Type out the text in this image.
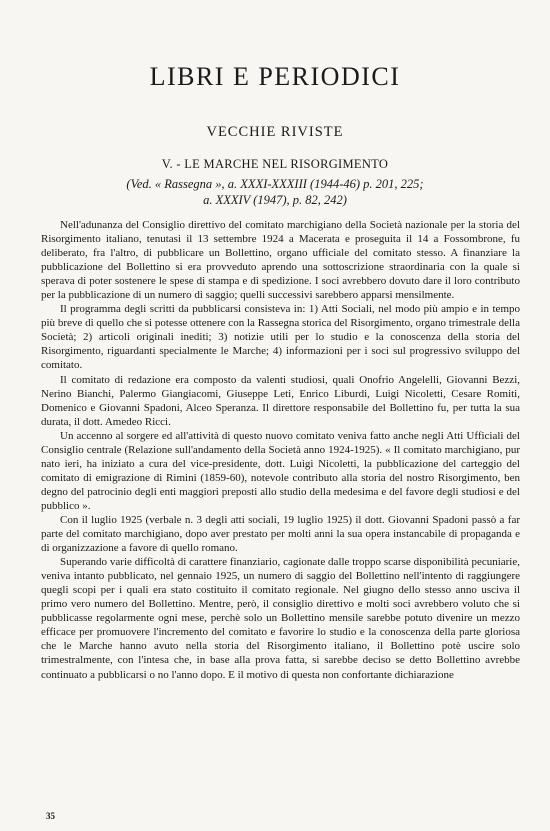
LIBRI E PERIODICI
VECCHIE RIVISTE
V. - LE MARCHE NEL RISORGIMENTO
(Ved. « Rassegna », a. XXXI-XXXIII (1944-46) p. 201, 225;
a. XXXIV (1947), p. 82, 242)

Nell'adunanza del Consiglio direttivo del comitato marchigiano della Società nazionale per la storia del Risorgimento italiano, tenutasi il 13 settembre 1924 a Macerata e proseguita il 14 a Fossombrone, fu deliberato, fra l'altro, di pubblicare un Bollettino, organo ufficiale del comitato stesso. A finanziare la pubblicazione del Bollettino si era provveduto aprendo una sottoscrizione straordinaria con la quale si sperava di poter sostenere le spese di stampa e di spedizione. I soci avrebbero dovuto dare il loro contributo per la pubblicazione di un numero di saggio; quelli successivi sarebbero apparsi mensilmente.

Il programma degli scritti da pubblicarsi consisteva in: 1) Atti Sociali, nel modo più ampio e in tempo più breve di quello che si potesse ottenere con la Rassegna storica del Risorgimento, organo trimestrale della Società; 2) articoli originali inediti; 3) notizie utili per lo studio e la conoscenza della storia del Risorgimento, riguardanti specialmente le Marche; 4) informazioni per i soci sul progressivo sviluppo del comitato.

Il comitato di redazione era composto da valenti studiosi, quali Onofrio Angelelli, Giovanni Bezzi, Nerino Bianchi, Palermo Giangiacomi, Giuseppe Leti, Enrico Liburdi, Luigi Nicoletti, Cesare Romiti, Domenico e Giovanni Spadoni, Alceo Speranza. Il direttore responsabile del Bollettino fu, per tutta la sua durata, il dott. Amedeo Ricci.

Un accenno al sorgere ed all'attività di questo nuovo comitato veniva fatto anche negli Atti Ufficiali del Consiglio centrale (Relazione sull'andamento della Società anno 1924-1925). « Il comitato marchigiano, pur nato ieri, ha iniziato a cura del vice-presidente, dott. Luigi Nicoletti, la pubblicazione del carteggio del comitato di emigrazione di Rimini (1859-60), notevole contributo alla storia del nostro Risorgimento, ben degno del patrocinio degli enti maggiori preposti allo studio della medesima e del favore degli studiosi e del pubblico ».

Con il luglio 1925 (verbale n. 3 degli atti sociali, 19 luglio 1925) il dott. Giovanni Spadoni passò a far parte del comitato marchigiano, dopo aver prestato per molti anni la sua opera instancabile di propaganda e di organizzazione a favore di quello romano.

Superando varie difficoltà di carattere finanziario, cagionate dalle troppo scarse disponibilità pecuniarie, veniva intanto pubblicato, nel gennaio 1925, un numero di saggio del Bollettino nell'intento di raggiungere quegli scopi per i quali era stato costituito il comitato regionale. Nel giugno dello stesso anno usciva il primo vero numero del Bollettino. Mentre, però, il consiglio direttivo e molti soci avrebbero voluto che si pubblicasse regolarmente ogni mese, perchè solo un Bollettino mensile sarebbe potuto divenire un mezzo efficace per promuovere l'incremento del comitato e favorire lo studio e la conoscenza della parte gloriosa che le Marche hanno avuto nella storia del Risorgimento italiano, il Bollettino potè uscire solo trimestralmente, con l'intesa che, in base alla prova fatta, si sarebbe deciso se detto Bollettino avrebbe continuato a pubblicarsi o no l'anno dopo. E il motivo di questa non confortante dichiarazione

35
